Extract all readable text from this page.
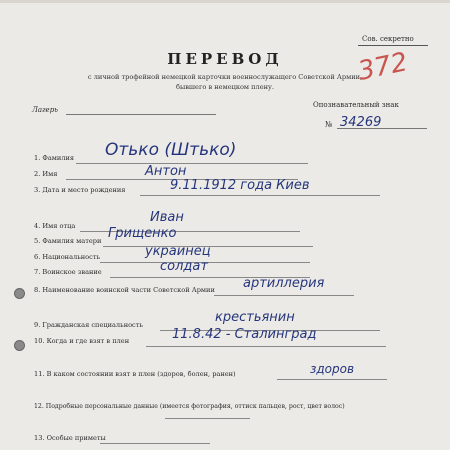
Сов. секретно
ПЕРЕВОД
с личной трофейной немецкой карточки военнослужащего Советской Армии,
бывшего в немецком плену.
372
Лагерь
Опознавательный знак
№ 34269
1. Фамилия Отько (Штько)
2. Имя	Антон
3. Дата и место рождения	9.11.1912 года Киев
4. Имя отца
Иван
5. Фамилия матери Грищенко
6. Национальность	украинец
7. Воинское звание	солдат
8. Наименование воинской части Советской Армии артиллерия
9. Гражданская специальность	крестьянин
10. Когда и где взят в плен	11.8.42 - Сталинград
11. В каком состоянии взят в плен (здоров, болен, ранен)	здоров
12. Подробные персональные данные (имеется фотография, оттиск пальцев, рост, цвет волос)
13. Особые приметы
